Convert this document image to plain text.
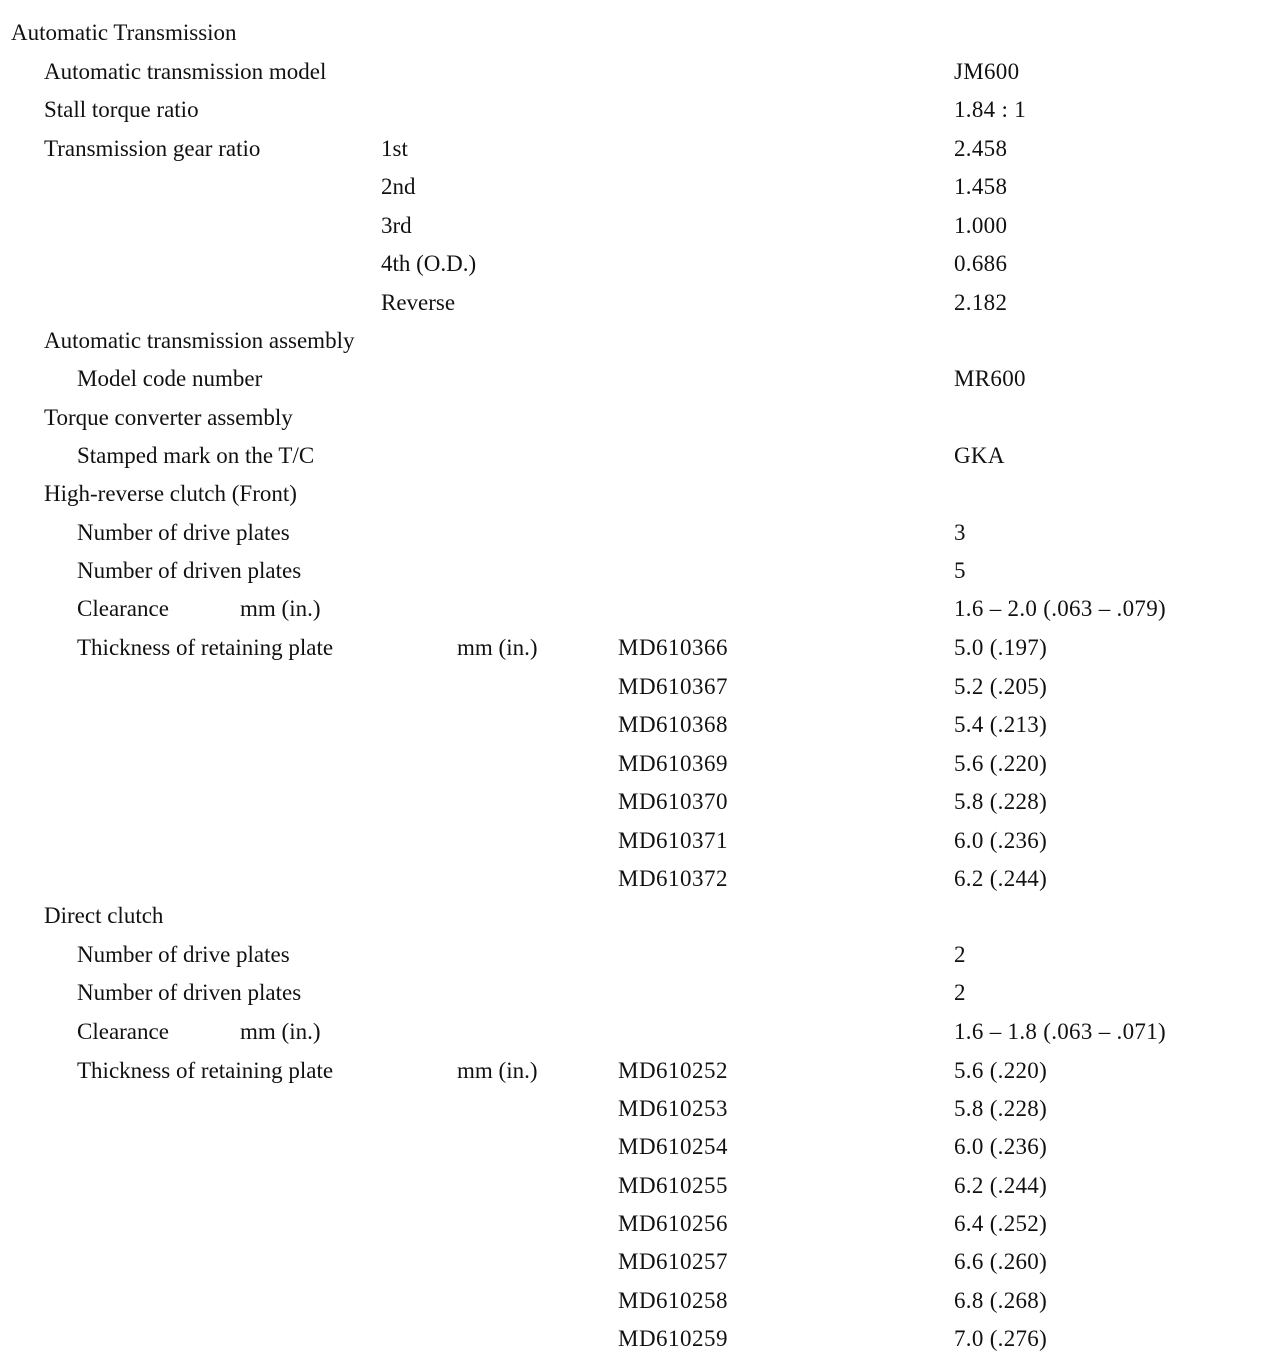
Automatic Transmission
Automatic transmission model	JM600
Stall torque ratio	1.84 : 1
Transmission gear ratio	1st	2.458
2nd	1.458
3rd	1.000
4th (O.D.)	0.686
Reverse	2.182
Automatic transmission assembly
Model code number	MR600
Torque converter assembly
Stamped mark on the T/C	GKA
High-reverse clutch (Front)
Number of drive plates	3
Number of driven plates	5
Clearance	mm (in.)	1.6 – 2.0 (.063 – .079)
Thickness of retaining plate	mm (in.)	MD610366	5.0 (.197)
MD610367	5.2 (.205)
MD610368	5.4 (.213)
MD610369	5.6 (.220)
MD610370	5.8 (.228)
MD610371	6.0 (.236)
MD610372	6.2 (.244)
Direct clutch
Number of drive plates	2
Number of driven plates	2
Clearance	mm (in.)	1.6 – 1.8 (.063 – .071)
Thickness of retaining plate	mm (in.)	MD610252	5.6 (.220)
MD610253	5.8 (.228)
MD610254	6.0 (.236)
MD610255	6.2 (.244)
MD610256	6.4 (.252)
MD610257	6.6 (.260)
MD610258	6.8 (.268)
MD610259	7.0 (.276)
